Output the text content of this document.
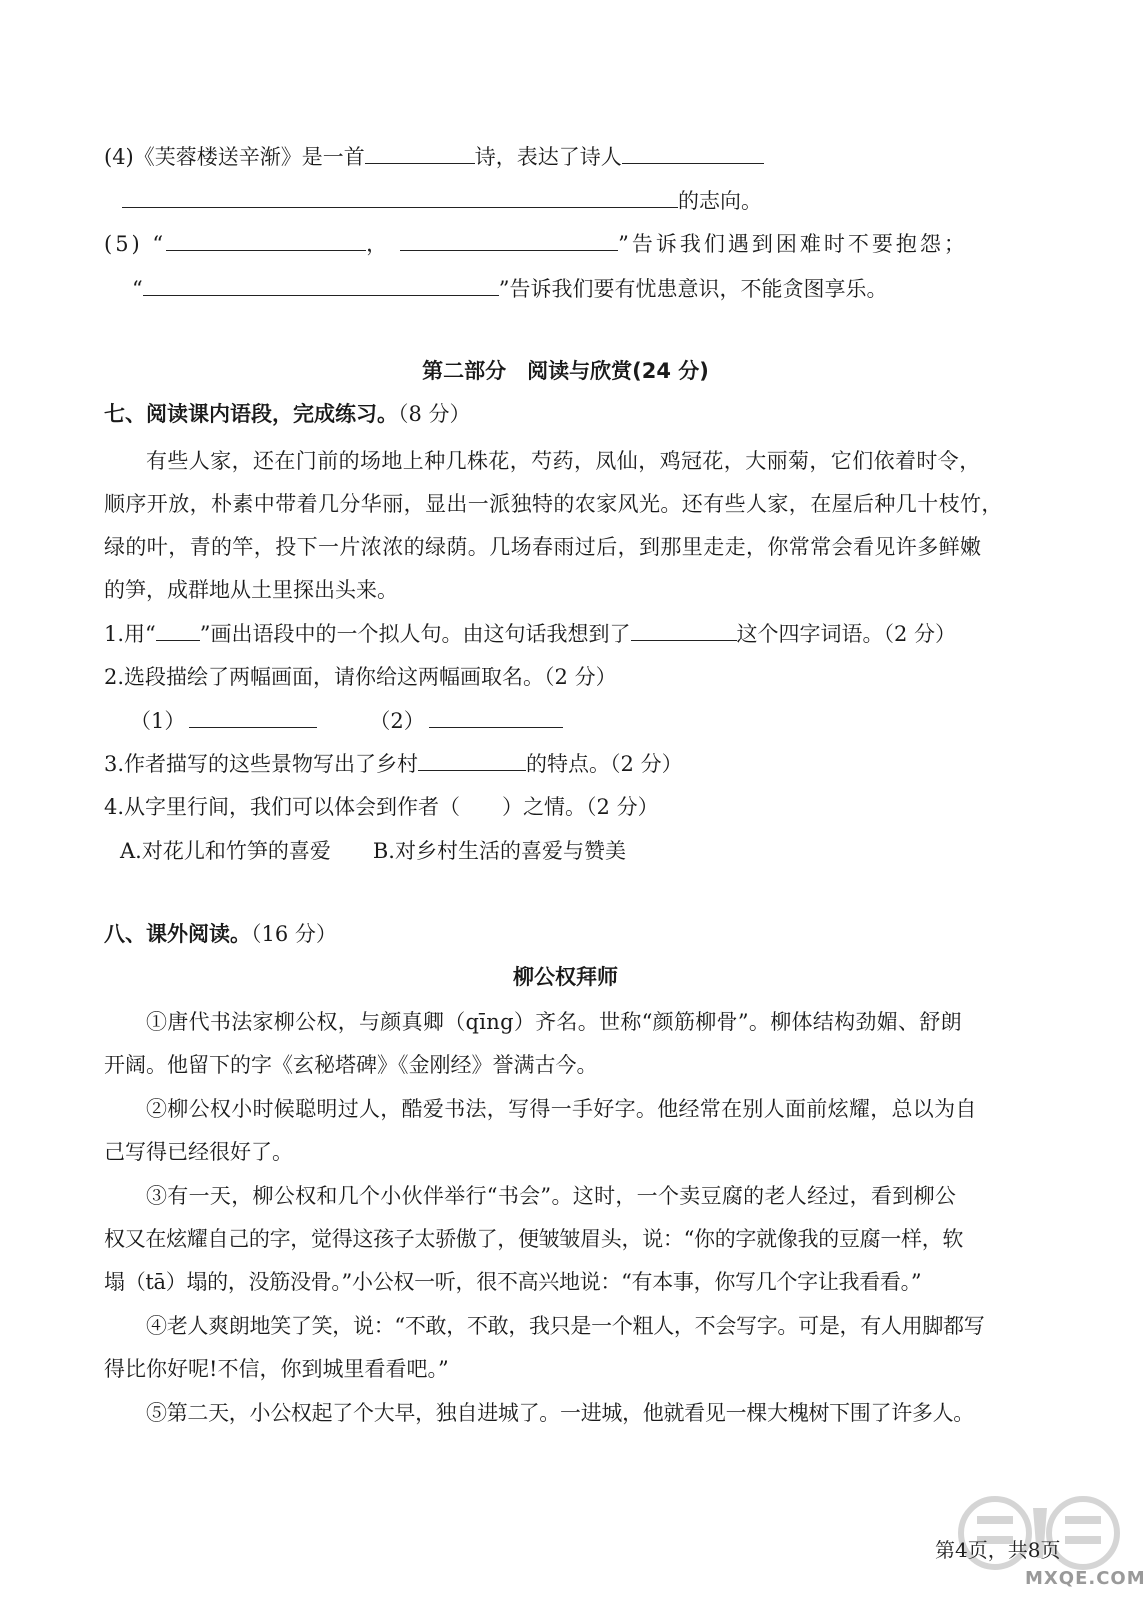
(4)《芙蓉楼送辛渐》是一首	诗，表达了诗人
的志向。
(5) “	，	”告诉我们遇到困难时不要抱怨；
“	”告诉我们要有忧患意识，不能贪图享乐。
第二部分　阅读与欣赏(24 分)
七、阅读课内语段，完成练习。（8 分）
有些人家，还在门前的场地上种几株花，芍药，凤仙，鸡冠花，大丽菊，它们依着时令，
顺序开放，朴素中带着几分华丽，显出一派独特的农家风光。还有些人家，在屋后种几十枝竹，
绿的叶，青的竿，投下一片浓浓的绿荫。几场春雨过后，到那里走走，你常常会看见许多鲜嫩
的笋，成群地从土里探出头来。
1.用“ ”画出语段中的一个拟人句。由这句话我想到了	这个四字词语。（2 分）
2.选段描绘了两幅画面，请你给这两幅画取名。（2 分）
（1）	（2）
3.作者描写的这些景物写出了乡村	的特点。（2 分）
4.从字里行间，我们可以体会到作者（　　）之情。（2 分）
A.对花儿和竹笋的喜爱 B.对乡村生活的喜爱与赞美
八、课外阅读。（16 分）
柳公权拜师
①唐代书法家柳公权，与颜真卿（qīng）齐名。世称“颜筋柳骨”。柳体结构劲媚、舒朗
开阔。他留下的字《玄秘塔碑》《金刚经》誉满古今。
②柳公权小时候聪明过人，酷爱书法，写得一手好字。他经常在别人面前炫耀，总以为自
己写得已经很好了。
③有一天，柳公权和几个小伙伴举行“书会”。这时，一个卖豆腐的老人经过，看到柳公
权又在炫耀自己的字，觉得这孩子太骄傲了，便皱皱眉头，说：“你的字就像我的豆腐一样，软
塌（tā）塌的，没筋没骨。”小公权一听，很不高兴地说：“有本事，你写几个字让我看看。”
④老人爽朗地笑了笑，说：“不敢，不敢，我只是一个粗人，不会写字。可是，有人用脚都写
得比你好呢!不信，你到城里看看吧。”
⑤第二天，小公权起了个大早，独自进城了。一进城，他就看见一棵大槐树下围了许多人。
第4页，共8页
MXQE.COM
